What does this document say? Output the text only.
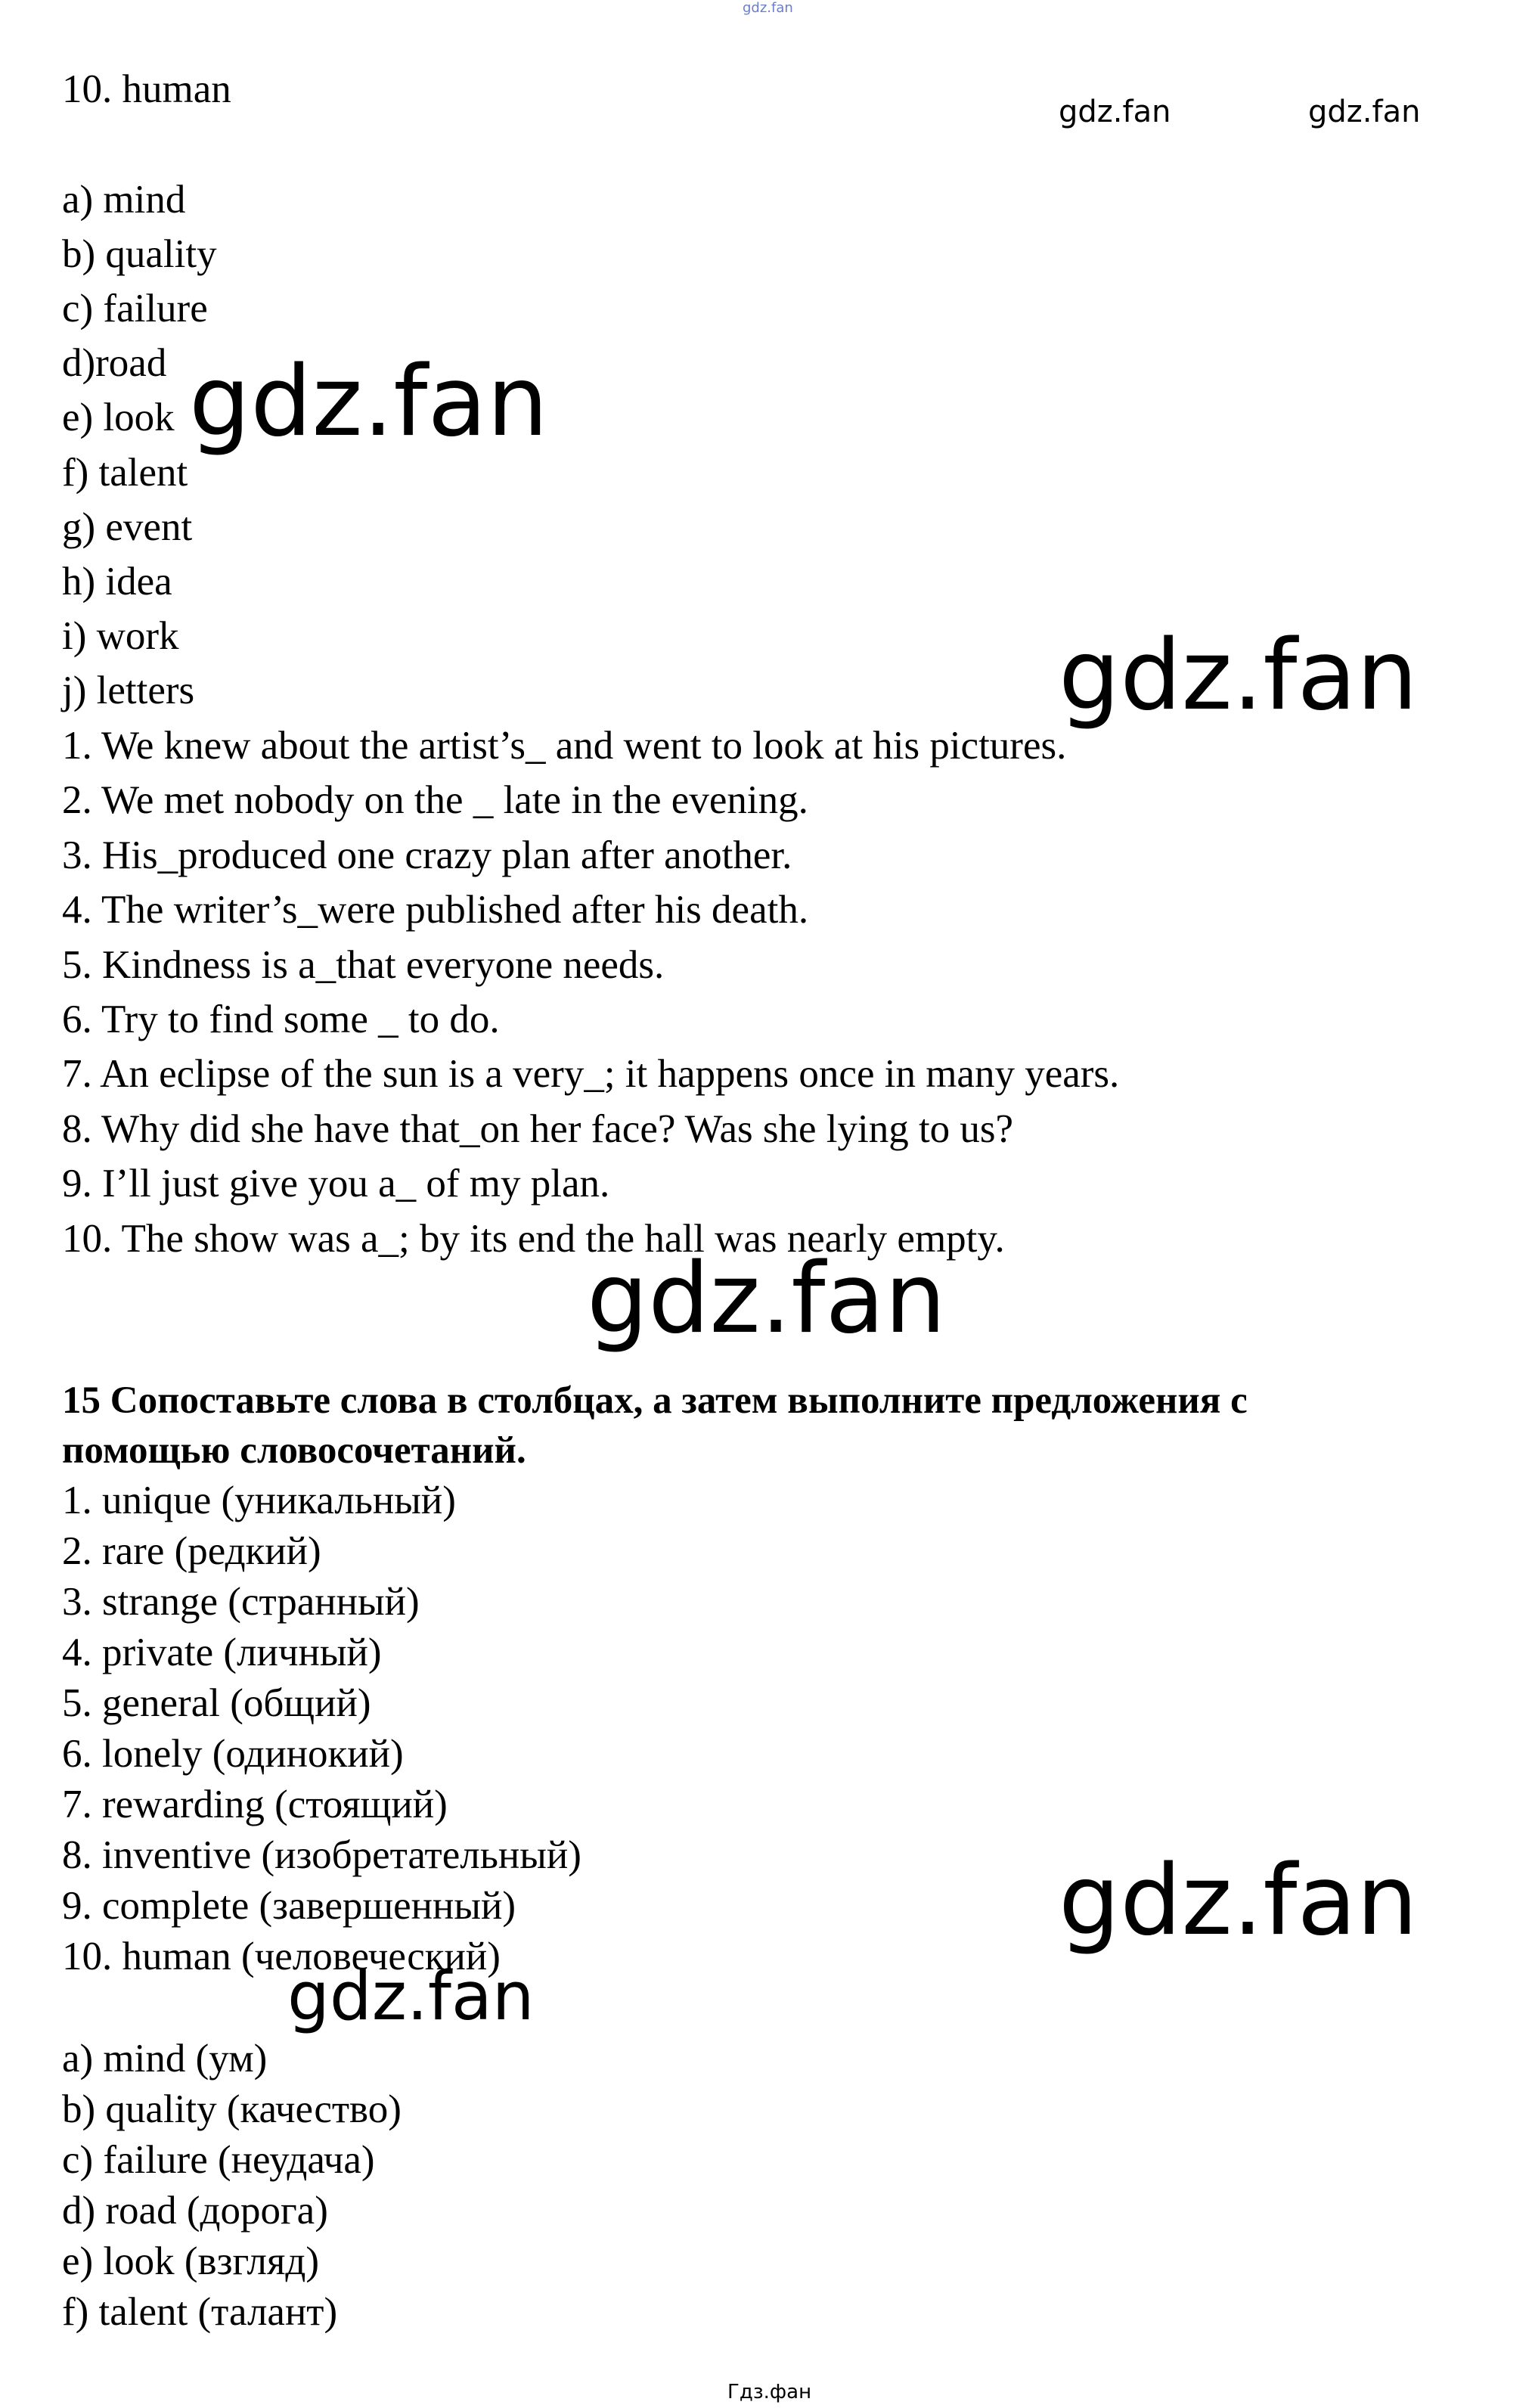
gdz.fan
gdz.fan	gdz.fan
10. human
a) mind
b) quality
c) failure
d)road
e) look
f) talent
g) event
h) idea
i) work
j) letters
1. We knew about the artist’s_ and went to look at his pictures.
2. We met nobody on the _ late in the evening.
3. His_produced one crazy plan after another.
4. The writer’s_were published after his death.
5. Kindness is a_that everyone needs.
6. Try to find some _ to do.
7. An eclipse of the sun is a very_; it happens once in many years.
8. Why did she have that_on her face? Was she lying to us?
9. I’ll just give you a_ of my plan.
10. The show was a_; by its end the hall was nearly empty.
gdz.fan
gdz.fan
gdz.fan
15 Сопоставьте слова в столбцах, а затем выполните предложения с
помощью словосочетаний.
1. unique (уникальный)
2. rare (редкий)
3. strange (странный)
4. private (личный)
5. general (общий)
6. lonely (одинокий)
7. rewarding (стоящий)
8. inventive (изобретательный)
9. complete (завершенный)
10. human (человеческий)	gdz.fan
gdz.fan
a) mind (ум)
b) quality (качество)
c) failure (неудача)
d) road (дорога)
e) look (взгляд)
f) talent (талант)
Гдз.фан
